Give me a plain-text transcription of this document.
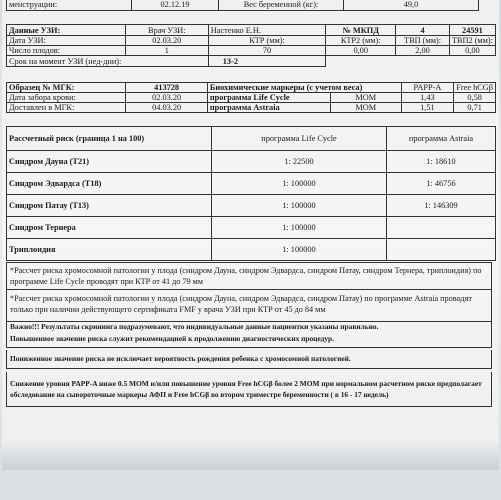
менструации:	02.12.19	Вес беременной (кг):	49,0	
Данные УЗИ:	Врач УЗИ:	Настенко Е.Н.	№ МКПД	4	24591
Дата УЗИ:	02.03.20	КТР (мм):	КТР2 (мм):	ТВП (мм):	ТВП2 (мм):
Число плодов:	1	70	0,00	2,00	0,00
Срок на момент УЗИ (нед-дни):		13-2			
Образец № МГК:	413728	Биохимические маркеры (с учетом веса)		PAPP-A	Free hCGβ
Дата забора крови:	02.03.20	программа Life Cycle	MOM	1,43	0,58
Доставлен в МГК:	04.03.20	программа Astraia	MOM	1,51	0,71
Рассчетный риск (граница 1 на 100)	программа Life Cycle	программа Astraia
Синдром Дауна (T21)	1: 22500	1: 18610
Синдром Эдвардса (T18)	1: 100000	1: 46756
Синдром Патау (T13)	1: 100000	1: 146309
Синдром Тернера	1: 100000	
Триплоидия	1: 100000	
*Рассчет риска хромосомной патологии у плода (синдром Дауна, синдром Эдвардса, синдром Патау, синдром Тернера, триплоидия) по программе Life Cycle проводят при КТР от 41 до 79 мм
*Рассчет риска хромосомной патологии у плода (синдром Дауна, синдром Эдвардса, синдром Патау) по программе Astraia проводят только при наличии действующего сертификата FMF у врача УЗИ при КТР от 45 до 84 мм
Важно!!! Результаты скрининга подразумевают, что индивидуальные данные пациентки указаны правильно.
Повышенное значение риска служит рекомендацией к продолжению диагностических процедур.
Пониженное значение риска не исключает вероятность рождения ребенка с хромосомной патологией.
Снижение уровня PAPP-A ниже 0.5 МОМ и/или повышение уровня Free hCGβ более 2 МОМ при нормальном расчетном риске предполагает обследование на сывороточные маркеры АФП и Free hCGβ во втором триместре беременности ( в 16 - 17 недель)
